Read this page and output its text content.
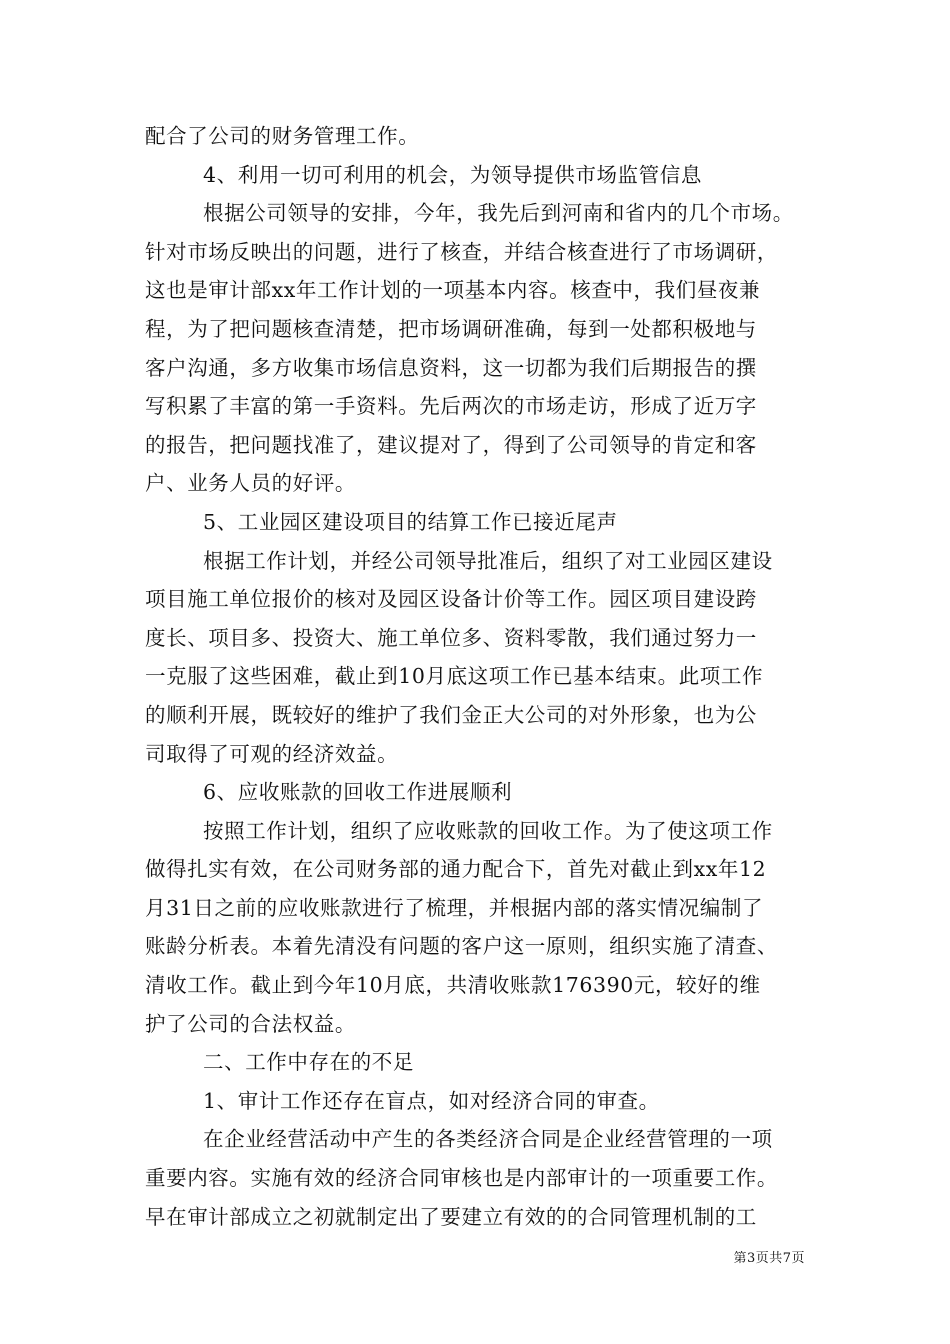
配合了公司的财务管理工作。
4、利用一切可利用的机会，为领导提供市场监管信息
根据公司领导的安排，今年，我先后到河南和省内的几个市场。
针对市场反映出的问题，进行了核查，并结合核查进行了市场调研，
这也是审计部xx年工作计划的一项基本内容。核查中，我们昼夜兼
程，为了把问题核查清楚，把市场调研准确，每到一处都积极地与
客户沟通，多方收集市场信息资料，这一切都为我们后期报告的撰
写积累了丰富的第一手资料。先后两次的市场走访，形成了近万字
的报告，把问题找准了，建议提对了，得到了公司领导的肯定和客
户、业务人员的好评。
5、工业园区建设项目的结算工作已接近尾声
根据工作计划，并经公司领导批准后，组织了对工业园区建设
项目施工单位报价的核对及园区设备计价等工作。园区项目建设跨
度长、项目多、投资大、施工单位多、资料零散，我们通过努力一
一克服了这些困难，截止到10月底这项工作已基本结束。此项工作
的顺利开展，既较好的维护了我们金正大公司的对外形象，也为公
司取得了可观的经济效益。
6、应收账款的回收工作进展顺利
按照工作计划，组织了应收账款的回收工作。为了使这项工作
做得扎实有效，在公司财务部的通力配合下，首先对截止到xx年12
月31日之前的应收账款进行了梳理，并根据内部的落实情况编制了
账龄分析表。本着先清没有问题的客户这一原则，组织实施了清查、
清收工作。截止到今年10月底，共清收账款176390元，较好的维
护了公司的合法权益。
二、工作中存在的不足
1、审计工作还存在盲点，如对经济合同的审查。
在企业经营活动中产生的各类经济合同是企业经营管理的一项
重要内容。实施有效的经济合同审核也是内部审计的一项重要工作。
早在审计部成立之初就制定出了要建立有效的的合同管理机制的工
第3页共7页
